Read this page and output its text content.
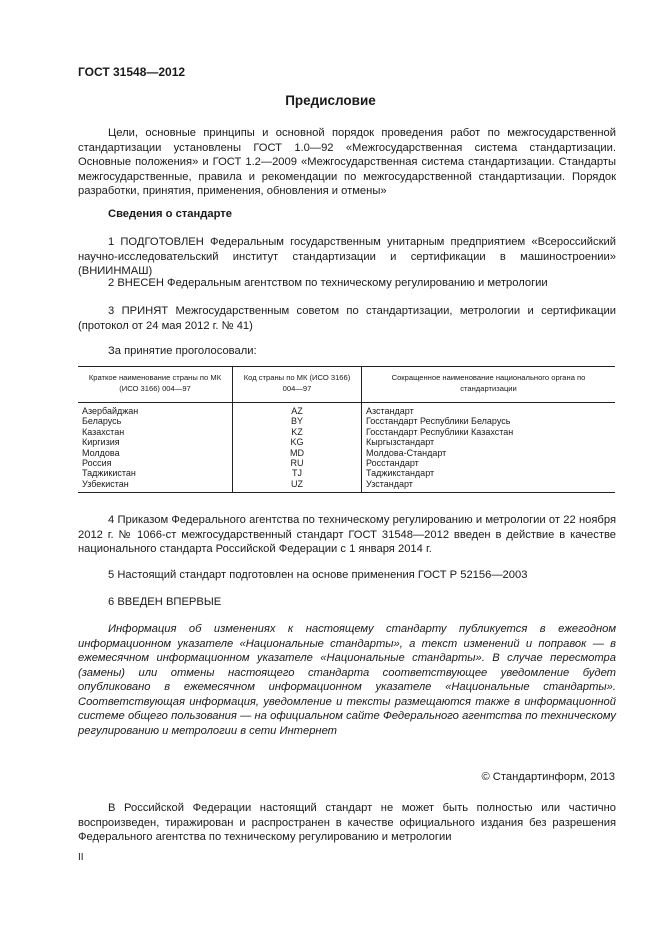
ГОСТ 31548—2012
Предисловие
Цели, основные принципы и основной порядок проведения работ по межгосударственной стандартизации установлены ГОСТ 1.0—92 «Межгосударственная система стандартизации. Основные положения» и ГОСТ 1.2—2009 «Межгосударственная система стандартизации. Стандарты межгосударственные, правила и рекомендации по межгосударственной стандартизации. Порядок разработки, принятия, применения, обновления и отмены»
Сведения о стандарте
1 ПОДГОТОВЛЕН Федеральным государственным унитарным предприятием «Всероссийский научно-исследовательский институт стандартизации и сертификации в машиностроении» (ВНИИНМАШ)
2 ВНЕСЕН Федеральным агентством по техническому регулированию и метрологии
3 ПРИНЯТ Межгосударственным советом по стандартизации, метрологии и сертификации (протокол от 24 мая 2012 г. № 41)
За принятие проголосовали:
Краткое наименование страны по МК (ИСО 3166) 004—97	Код страны по МК (ИСО 3166) 004—97	Сокращенное наименование национального органа по стандартизации
Азербайджан	AZ	Азстандарт
Беларусь	BY	Госстандарт Республики Беларусь
Казахстан	KZ	Госстандарт Республики Казахстан
Киргизия	KG	Кыргызстандарт
Молдова	MD	Молдова-Стандарт
Россия	RU	Росстандарт
Таджикистан	TJ	Таджикстандарт
Узбекистан	UZ	Узстандарт
4 Приказом Федерального агентства по техническому регулированию и метрологии от 22 ноября 2012 г. № 1066-ст межгосударственный стандарт ГОСТ 31548—2012 введен в действие в качестве национального стандарта Российской Федерации с 1 января 2014 г.
5 Настоящий стандарт подготовлен на основе применения ГОСТ Р 52156—2003
6 ВВЕДЕН ВПЕРВЫЕ
Информация об изменениях к настоящему стандарту публикуется в ежегодном информационном указателе «Национальные стандарты», а текст изменений и поправок — в ежемесячном информационном указателе «Национальные стандарты». В случае пересмотра (замены) или отмены настоящего стандарта соответствующее уведомление будет опубликовано в ежемесячном информационном указателе «Национальные стандарты». Соответствующая информация, уведомление и тексты размещаются также в информационной системе общего пользования — на официальном сайте Федерального агентства по техническому регулированию и метрологии в сети Интернет
© Стандартинформ, 2013
В Российской Федерации настоящий стандарт не может быть полностью или частично воспроизведен, тиражирован и распространен в качестве официального издания без разрешения Федерального агентства по техническому регулированию и метрологии
II
